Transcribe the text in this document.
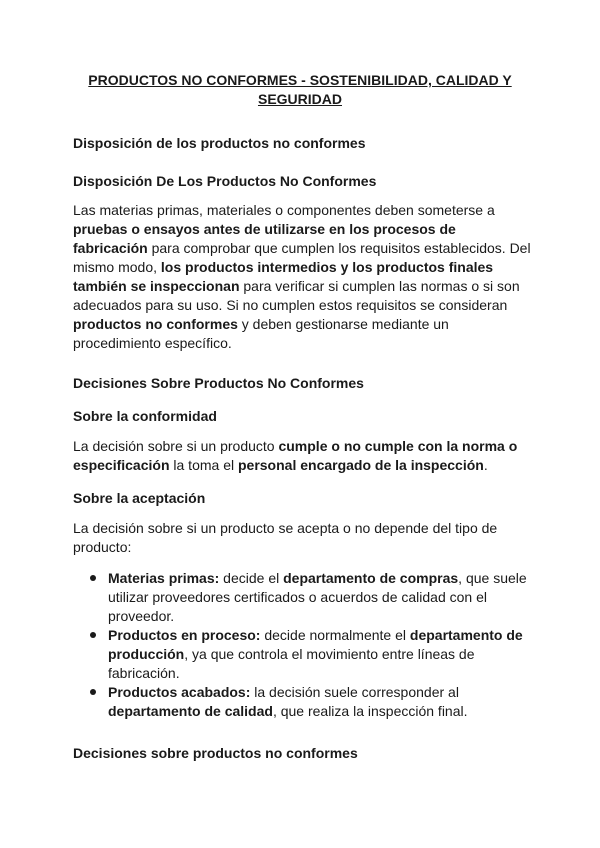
PRODUCTOS NO CONFORMES - SOSTENIBILIDAD, CALIDAD Y SEGURIDAD
Disposición de los productos no conformes
Disposición De Los Productos No Conformes
Las materias primas, materiales o componentes deben someterse a pruebas o ensayos antes de utilizarse en los procesos de fabricación para comprobar que cumplen los requisitos establecidos. Del mismo modo, los productos intermedios y los productos finales también se inspeccionan para verificar si cumplen las normas o si son adecuados para su uso. Si no cumplen estos requisitos se consideran productos no conformes y deben gestionarse mediante un procedimiento específico.
Decisiones Sobre Productos No Conformes
Sobre la conformidad
La decisión sobre si un producto cumple o no cumple con la norma o especificación la toma el personal encargado de la inspección.
Sobre la aceptación
La decisión sobre si un producto se acepta o no depende del tipo de producto:
Materias primas: decide el departamento de compras, que suele utilizar proveedores certificados o acuerdos de calidad con el proveedor.
Productos en proceso: decide normalmente el departamento de producción, ya que controla el movimiento entre líneas de fabricación.
Productos acabados: la decisión suele corresponder al departamento de calidad, que realiza la inspección final.
Decisiones sobre productos no conformes
